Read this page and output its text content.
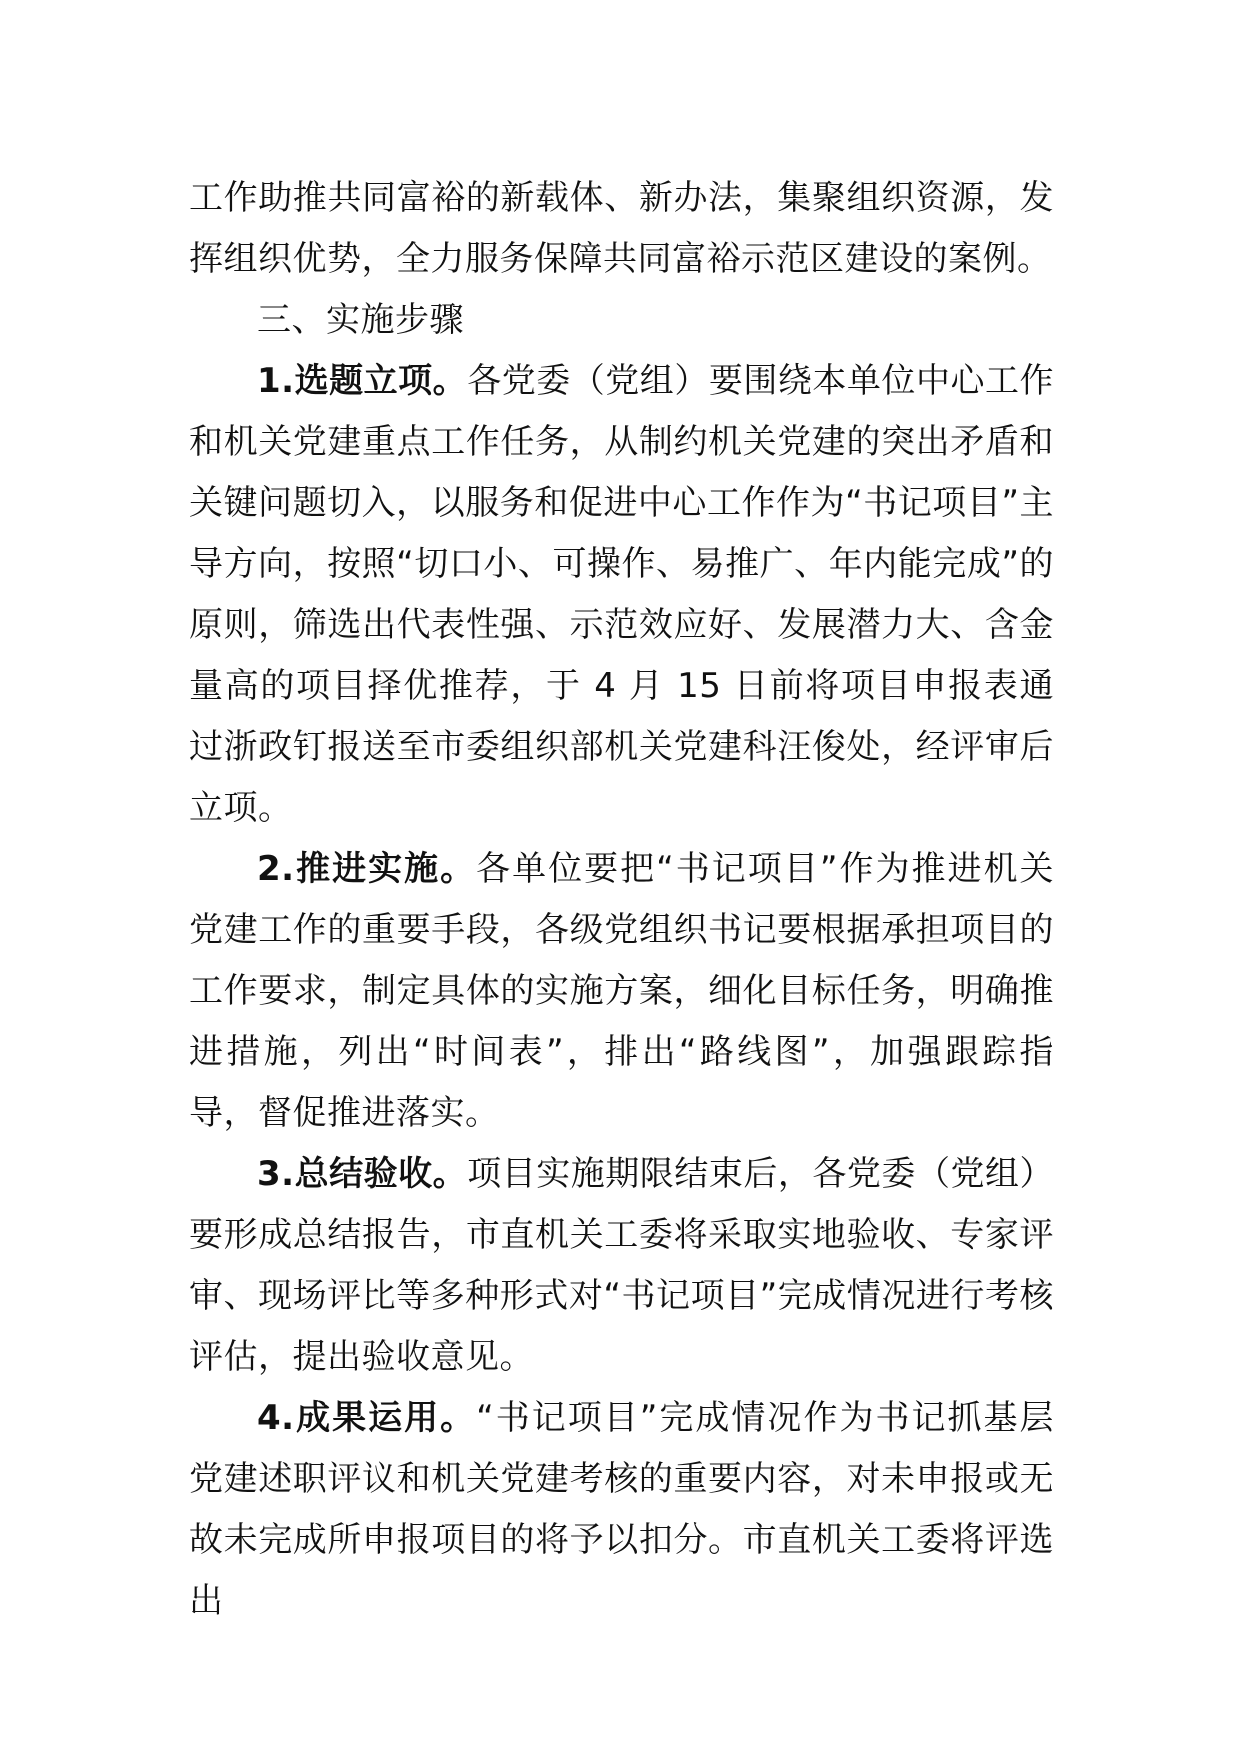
工作助推共同富裕的新载体、新办法，集聚组织资源，发挥组织优势，全力服务保障共同富裕示范区建设的案例。

三、实施步骤

1.选题立项。各党委（党组）要围绕本单位中心工作和机关党建重点工作任务，从制约机关党建的突出矛盾和关键问题切入，以服务和促进中心工作作为“书记项目”主导方向，按照“切口小、可操作、易推广、年内能完成”的原则，筛选出代表性强、示范效应好、发展潜力大、含金量高的项目择优推荐，于 4 月 15 日前将项目申报表通过浙政钉报送至市委组织部机关党建科汪俊处，经评审后立项。

2.推进实施。各单位要把“书记项目”作为推进机关党建工作的重要手段，各级党组织书记要根据承担项目的工作要求，制定具体的实施方案，细化目标任务，明确推进措施，列出“时间表”，排出“路线图”，加强跟踪指导，督促推进落实。

3.总结验收。项目实施期限结束后，各党委（党组）要形成总结报告，市直机关工委将采取实地验收、专家评审、现场评比等多种形式对“书记项目”完成情况进行考核评估，提出验收意见。

4.成果运用。“书记项目”完成情况作为书记抓基层党建述职评议和机关党建考核的重要内容，对未申报或无故未完成所申报项目的将予以扣分。市直机关工委将评选出
